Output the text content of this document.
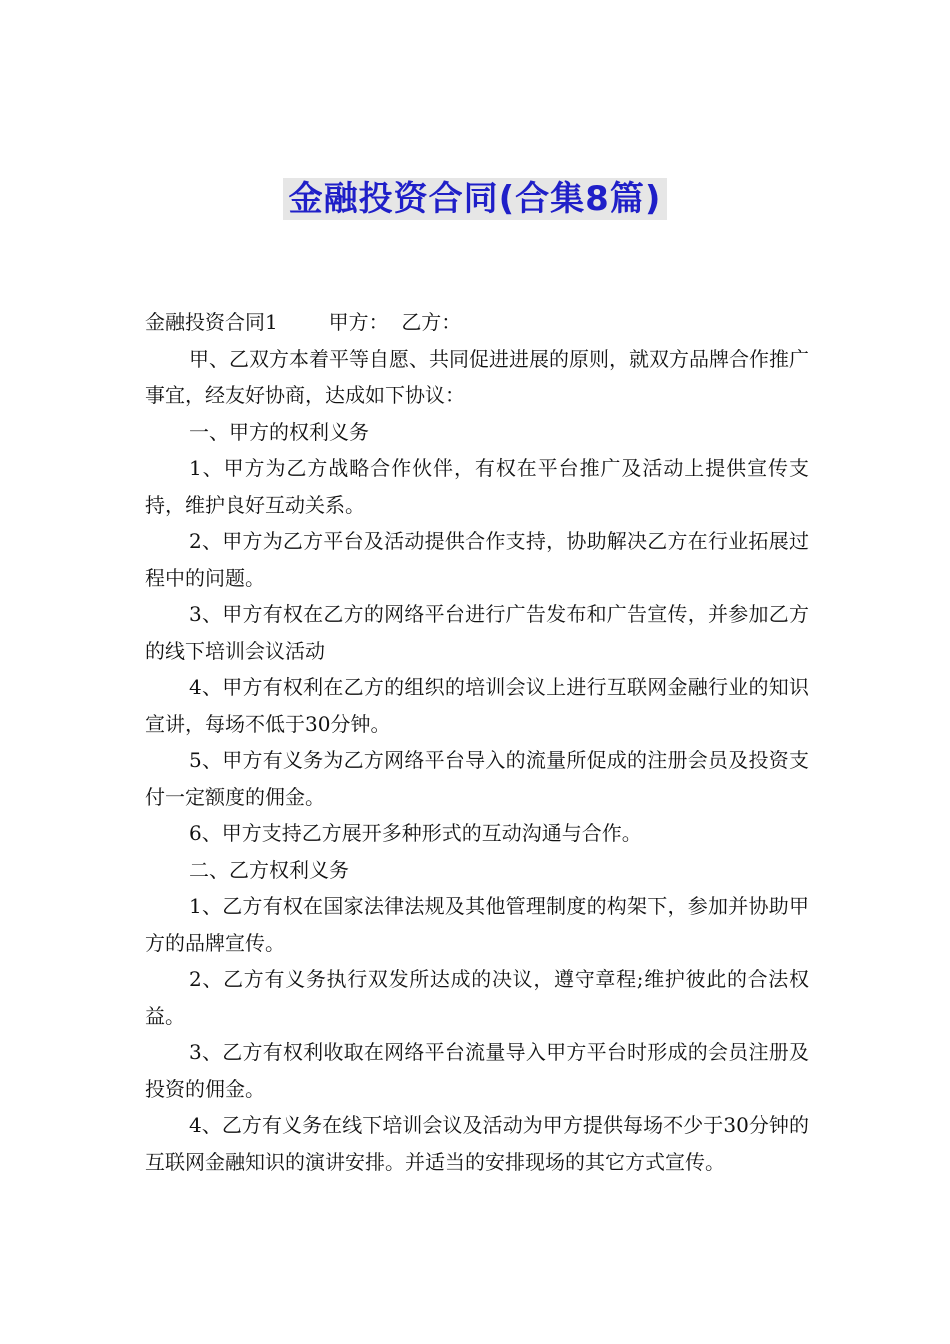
金融投资合同(合集8篇)

金融投资合同1	甲方： 乙方：

甲、乙双方本着平等自愿、共同促进进展的原则，就双方品牌合作推广事宜，经友好协商，达成如下协议：

一、甲方的权利义务

1、甲方为乙方战略合作伙伴，有权在平台推广及活动上提供宣传支持，维护良好互动关系。

2、甲方为乙方平台及活动提供合作支持，协助解决乙方在行业拓展过程中的问题。

3、甲方有权在乙方的网络平台进行广告发布和广告宣传，并参加乙方的线下培训会议活动

4、甲方有权利在乙方的组织的培训会议上进行互联网金融行业的知识宣讲，每场不低于30分钟。

5、甲方有义务为乙方网络平台导入的流量所促成的注册会员及投资支付一定额度的佣金。

6、甲方支持乙方展开多种形式的互动沟通与合作。

二、乙方权利义务

1、乙方有权在国家法律法规及其他管理制度的构架下，参加并协助甲方的品牌宣传。

2、乙方有义务执行双发所达成的决议，遵守章程;维护彼此的合法权益。

3、乙方有权利收取在网络平台流量导入甲方平台时形成的会员注册及投资的佣金。

4、乙方有义务在线下培训会议及活动为甲方提供每场不少于30分钟的互联网金融知识的演讲安排。并适当的安排现场的其它方式宣传。
